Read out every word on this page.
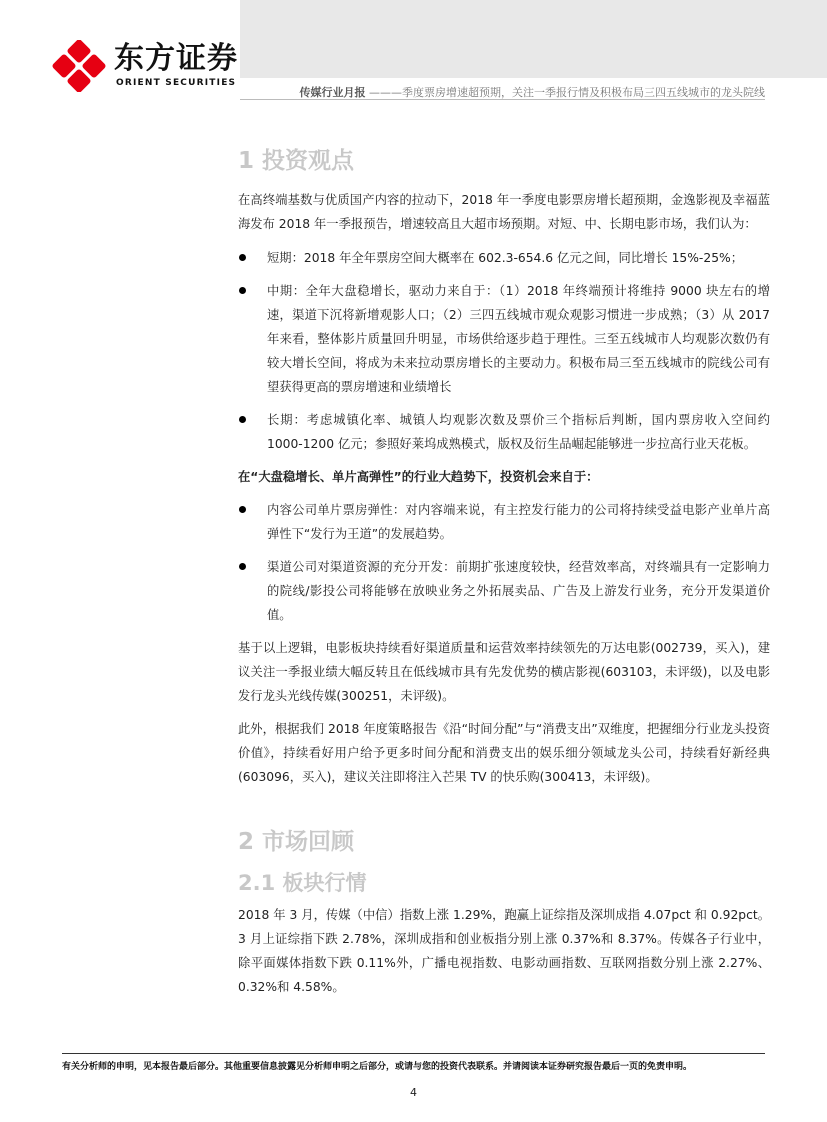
东方证券
ORIENT SECURITIES
传媒行业月报 ———季度票房增速超预期，关注一季报行情及积极布局三四五线城市的龙头院线
1 投资观点

在高终端基数与优质国产内容的拉动下，2018 年一季度电影票房增长超预期，金逸影视及幸福蓝海发布 2018 年一季报预告，增速较高且大超市场预期。对短、中、长期电影市场，我们认为：

短期：2018 年全年票房空间大概率在 602.3-654.6 亿元之间，同比增长 15%-25%；
中期：全年大盘稳增长，驱动力来自于：（1）2018 年终端预计将维持 9000 块左右的增速，渠道下沉将新增观影人口；（2）三四五线城市观众观影习惯进一步成熟；（3）从 2017 年来看，整体影片质量回升明显，市场供给逐步趋于理性。三至五线城市人均观影次数仍有较大增长空间，将成为未来拉动票房增长的主要动力。积极布局三至五线城市的院线公司有望获得更高的票房增速和业绩增长
长期：考虑城镇化率、城镇人均观影次数及票价三个指标后判断，国内票房收入空间约 1000-1200 亿元；参照好莱坞成熟模式，版权及衍生品崛起能够进一步拉高行业天花板。

在“大盘稳增长、单片高弹性”的行业大趋势下，投资机会来自于：

内容公司单片票房弹性：对内容端来说，有主控发行能力的公司将持续受益电影产业单片高弹性下“发行为王道”的发展趋势。
渠道公司对渠道资源的充分开发：前期扩张速度较快，经营效率高，对终端具有一定影响力的院线/影投公司将能够在放映业务之外拓展卖品、广告及上游发行业务，充分开发渠道价值。

基于以上逻辑，电影板块持续看好渠道质量和运营效率持续领先的万达电影(002739，买入)，建议关注一季报业绩大幅反转且在低线城市具有先发优势的横店影视(603103，未评级)，以及电影发行龙头光线传媒(300251，未评级)。

此外，根据我们 2018 年度策略报告《沿“时间分配”与“消费支出”双维度，把握细分行业龙头投资价值》，持续看好用户给予更多时间分配和消费支出的娱乐细分领域龙头公司，持续看好新经典(603096，买入)，建议关注即将注入芒果 TV 的快乐购(300413，未评级)。

2 市场回顾
2.1 板块行情

2018 年 3 月，传媒（中信）指数上涨 1.29%，跑赢上证综指及深圳成指 4.07pct 和 0.92pct。3 月上证综指下跌 2.78%，深圳成指和创业板指分别上涨 0.37%和 8.37%。传媒各子行业中，除平面媒体指数下跌 0.11%外，广播电视指数、电影动画指数、互联网指数分别上涨 2.27%、0.32%和 4.58%。

有关分析师的申明，见本报告最后部分。其他重要信息披露见分析师申明之后部分，或请与您的投资代表联系。并请阅读本证券研究报告最后一页的免责申明。
4
